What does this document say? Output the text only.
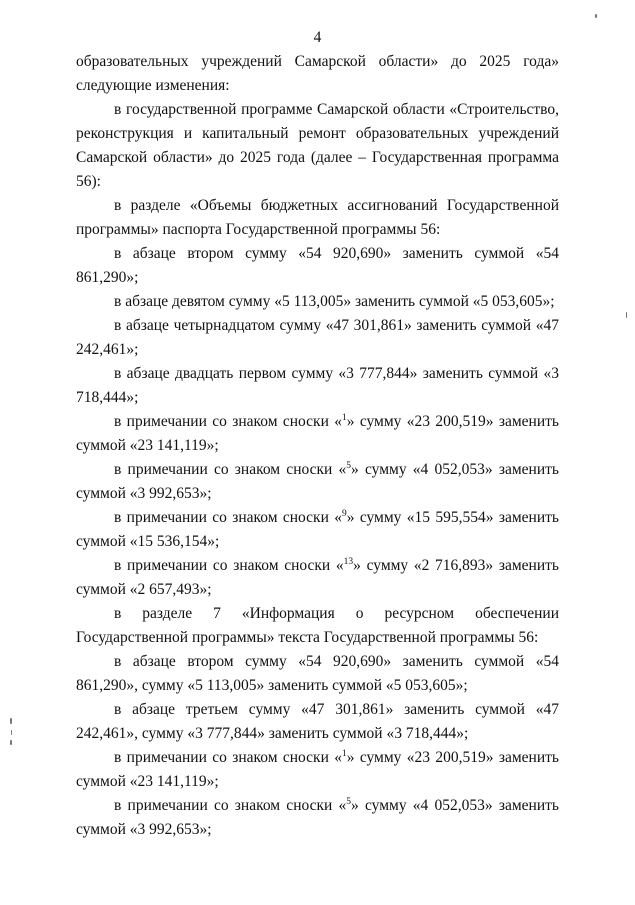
4

образовательных учреждений Самарской области» до 2025 года» следующие изменения:

в государственной программе Самарской области «Строительство, реконструкция и капитальный ремонт образовательных учреждений Самарской области» до 2025 года (далее – Государственная программа 56):

в разделе «Объемы бюджетных ассигнований Государственной программы» паспорта Государственной программы 56:

в абзаце втором сумму «54 920,690» заменить суммой «54 861,290»;

в абзаце девятом сумму «5 113,005» заменить суммой «5 053,605»;

в абзаце четырнадцатом сумму «47 301,861» заменить суммой «47 242,461»;

в абзаце двадцать первом сумму «3 777,844» заменить суммой «3 718,444»;

в примечании со знаком сноски «$^1$» сумму «23 200,519» заменить суммой «23 141,119»;

в примечании со знаком сноски «$^5$» сумму «4 052,053» заменить суммой «3 992,653»;

в примечании со знаком сноски «$^9$» сумму «15 595,554» заменить суммой «15 536,154»;

в примечании со знаком сноски «$^{13}$» сумму «2 716,893» заменить суммой «2 657,493»;

в разделе 7 «Информация о ресурсном обеспечении Государственной программы» текста Государственной программы 56:

в абзаце втором сумму «54 920,690» заменить суммой «54 861,290», сумму «5 113,005» заменить суммой «5 053,605»;

в абзаце третьем сумму «47 301,861» заменить суммой «47 242,461», сумму «3 777,844» заменить суммой «3 718,444»;

в примечании со знаком сноски «$^1$» сумму «23 200,519» заменить суммой «23 141,119»;

в примечании со знаком сноски «$^5$» сумму «4 052,053» заменить суммой «3 992,653»;
